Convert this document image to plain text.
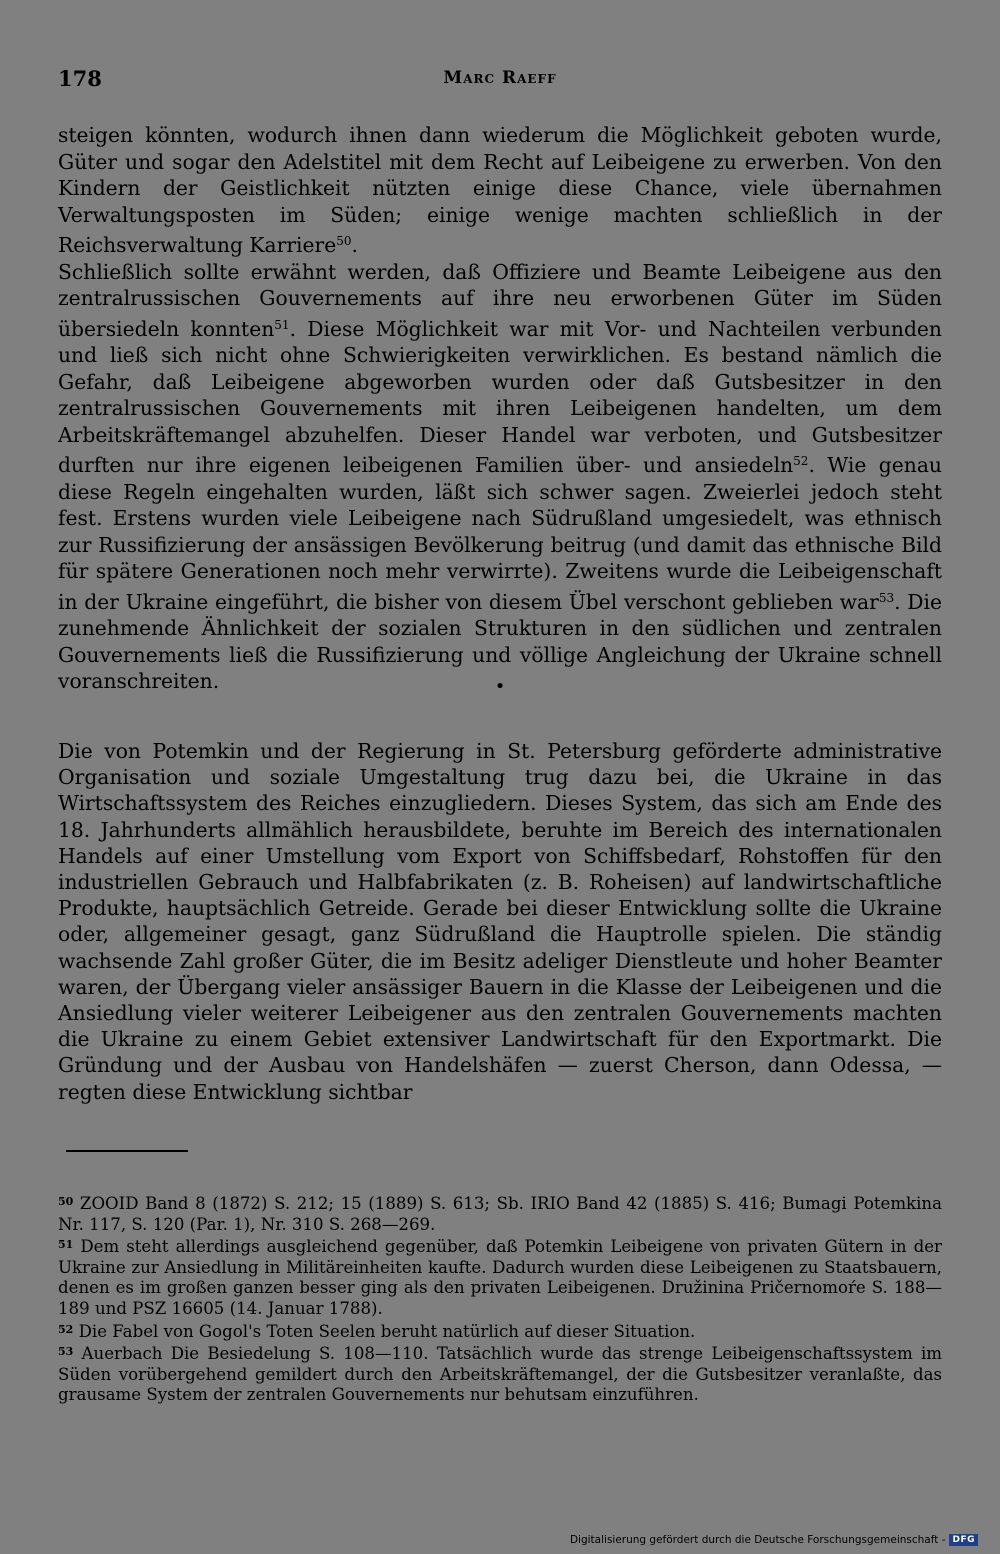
178	Marc Raeff

steigen könnten, wodurch ihnen dann wiederum die Möglichkeit geboten wurde, Güter und sogar den Adelstitel mit dem Recht auf Leibeigene zu erwerben. Von den Kindern der Geistlichkeit nützten einige diese Chance, viele übernahmen Verwaltungsposten im Süden; einige wenige machten schließlich in der Reichsverwaltung Karriere$^{50}$.

Schließlich sollte erwähnt werden, daß Offiziere und Beamte Leibeigene aus den zentralrussischen Gouvernements auf ihre neu erworbenen Güter im Süden übersiedeln konnten$^{51}$. Diese Möglichkeit war mit Vor- und Nachteilen verbunden und ließ sich nicht ohne Schwierigkeiten verwirklichen. Es bestand nämlich die Gefahr, daß Leibeigene abgeworben wurden oder daß Gutsbesitzer in den zentralrussischen Gouvernements mit ihren Leibeigenen handelten, um dem Arbeitskräftemangel abzuhelfen. Dieser Handel war verboten, und Gutsbesitzer durften nur ihre eigenen leibeigenen Familien über- und ansiedeln$^{52}$. Wie genau diese Regeln eingehalten wurden, läßt sich schwer sagen. Zweierlei jedoch steht fest. Erstens wurden viele Leibeigene nach Südrußland umgesiedelt, was ethnisch zur Russifizierung der ansässigen Bevölkerung beitrug (und damit das ethnische Bild für spätere Generationen noch mehr verwirrte). Zweitens wurde die Leibeigenschaft in der Ukraine eingeführt, die bisher von diesem Übel verschont geblieben war$^{53}$. Die zunehmende Ähnlichkeit der sozialen Strukturen in den südlichen und zentralen Gouvernements ließ die Russifizierung und völlige Angleichung der Ukraine schnell voranschreiten.	•

Die von Potemkin und der Regierung in St. Petersburg geförderte administrative Organisation und soziale Umgestaltung trug dazu bei, die Ukraine in das Wirtschaftssystem des Reiches einzugliedern. Dieses System, das sich am Ende des 18. Jahrhunderts allmählich herausbildete, beruhte im Bereich des internationalen Handels auf einer Umstellung vom Export von Schiffsbedarf, Rohstoffen für den industriellen Gebrauch und Halbfabrikaten (z. B. Roheisen) auf landwirtschaftliche Produkte, hauptsächlich Getreide. Gerade bei dieser Entwicklung sollte die Ukraine oder, allgemeiner gesagt, ganz Südrußland die Hauptrolle spielen. Die ständig wachsende Zahl großer Güter, die im Besitz adeliger Dienstleute und hoher Beamter waren, der Übergang vieler ansässiger Bauern in die Klasse der Leibeigenen und die Ansiedlung vieler weiterer Leibeigener aus den zentralen Gouvernements machten die Ukraine zu einem Gebiet extensiver Landwirtschaft für den Exportmarkt. Die Gründung und der Ausbau von Handelshäfen — zuerst Cherson, dann Odessa, — regten diese Entwicklung sichtbar

$^{50}$ ZOOID Band 8 (1872) S. 212; 15 (1889) S. 613; Sb. IRIO Band 42 (1885) S. 416; Bumagi Potemkina Nr. 117, S. 120 (Par. 1), Nr. 310 S. 268—269.

$^{51}$ Dem steht allerdings ausgleichend gegenüber, daß Potemkin Leibeigene von privaten Gütern in der Ukraine zur Ansiedlung in Militäreinheiten kaufte. Dadurch wurden diese Leibeigenen zu Staatsbauern, denen es im großen ganzen besser ging als den privaten Leibeigenen. Družinina Pričernomoŕe S. 188—189 und PSZ 16605 (14. Januar 1788).

$^{52}$ Die Fabel von Gogol's Toten Seelen beruht natürlich auf dieser Situation.

$^{53}$ Auerbach Die Besiedelung S. 108—110. Tatsächlich wurde das strenge Leibeigenschaftssystem im Süden vorübergehend gemildert durch den Arbeitskräftemangel, der die Gutsbesitzer veranlaßte, das grausame System der zentralen Gouvernements nur behutsam einzuführen.

Digitalisierung gefördert durch die Deutsche Forschungsgemeinschaft - DFG
